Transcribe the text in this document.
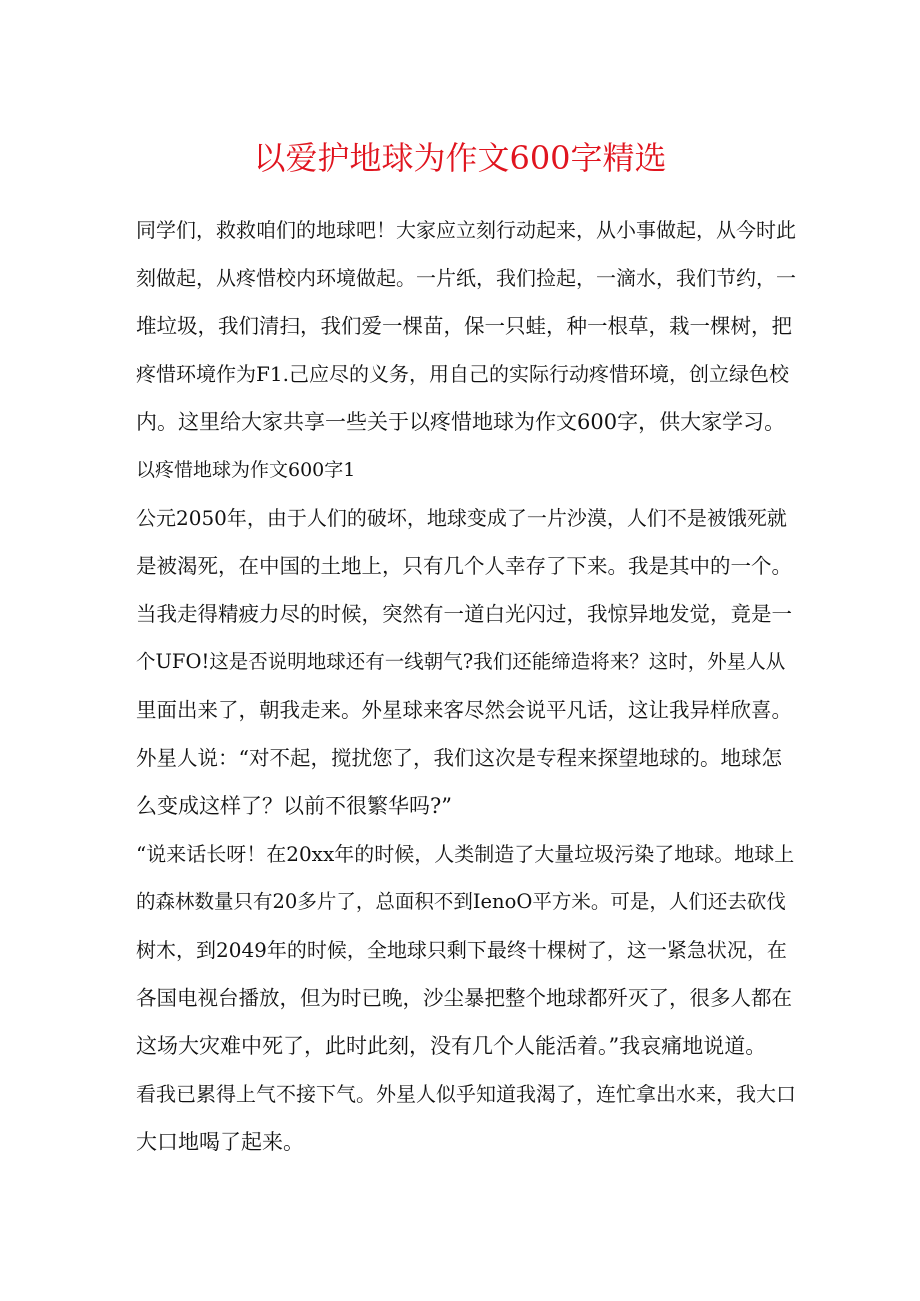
以爱护地球为作文600字精选

同学们，救救咱们的地球吧！大家应立刻行动起来，从小事做起，从今时此

刻做起，从疼惜校内环境做起。一片纸，我们捡起，一滴水，我们节约，一

堆垃圾，我们清扫，我们爱一棵苗，保一只蛙，种一根草，栽一棵树，把

疼惜环境作为F1.己应尽的义务，用自己的实际行动疼惜环境，创立绿色校

内。这里给大家共享一些关于以疼惜地球为作文600字，供大家学习。

以疼惜地球为作文600字1

公元2050年，由于人们的破坏，地球变成了一片沙漠，人们不是被饿死就

是被渴死，在中国的土地上，只有几个人幸存了下来。我是其中的一个。

当我走得精疲力尽的时候，突然有一道白光闪过，我惊异地发觉，竟是一

个UFO!这是否说明地球还有一线朝气?我们还能缔造将来？这时，外星人从

里面出来了，朝我走来。外星球来客尽然会说平凡话，这让我异样欣喜。

外星人说：“对不起，搅扰您了，我们这次是专程来探望地球的。地球怎

么变成这样了？以前不很繁华吗?”

“说来话长呀！在20xx年的时候，人类制造了大量垃圾污染了地球。地球上

的森林数量只有20多片了，总面积不到IenoO平方米。可是，人们还去砍伐

树木，到2049年的时候，全地球只剩下最终十棵树了，这一紧急状况，在

各国电视台播放，但为时已晚，沙尘暴把整个地球都歼灭了，很多人都在

这场大灾难中死了，此时此刻，没有几个人能活着。”我哀痛地说道。

看我已累得上气不接下气。外星人似乎知道我渴了，连忙拿出水来，我大口

大口地喝了起来。
